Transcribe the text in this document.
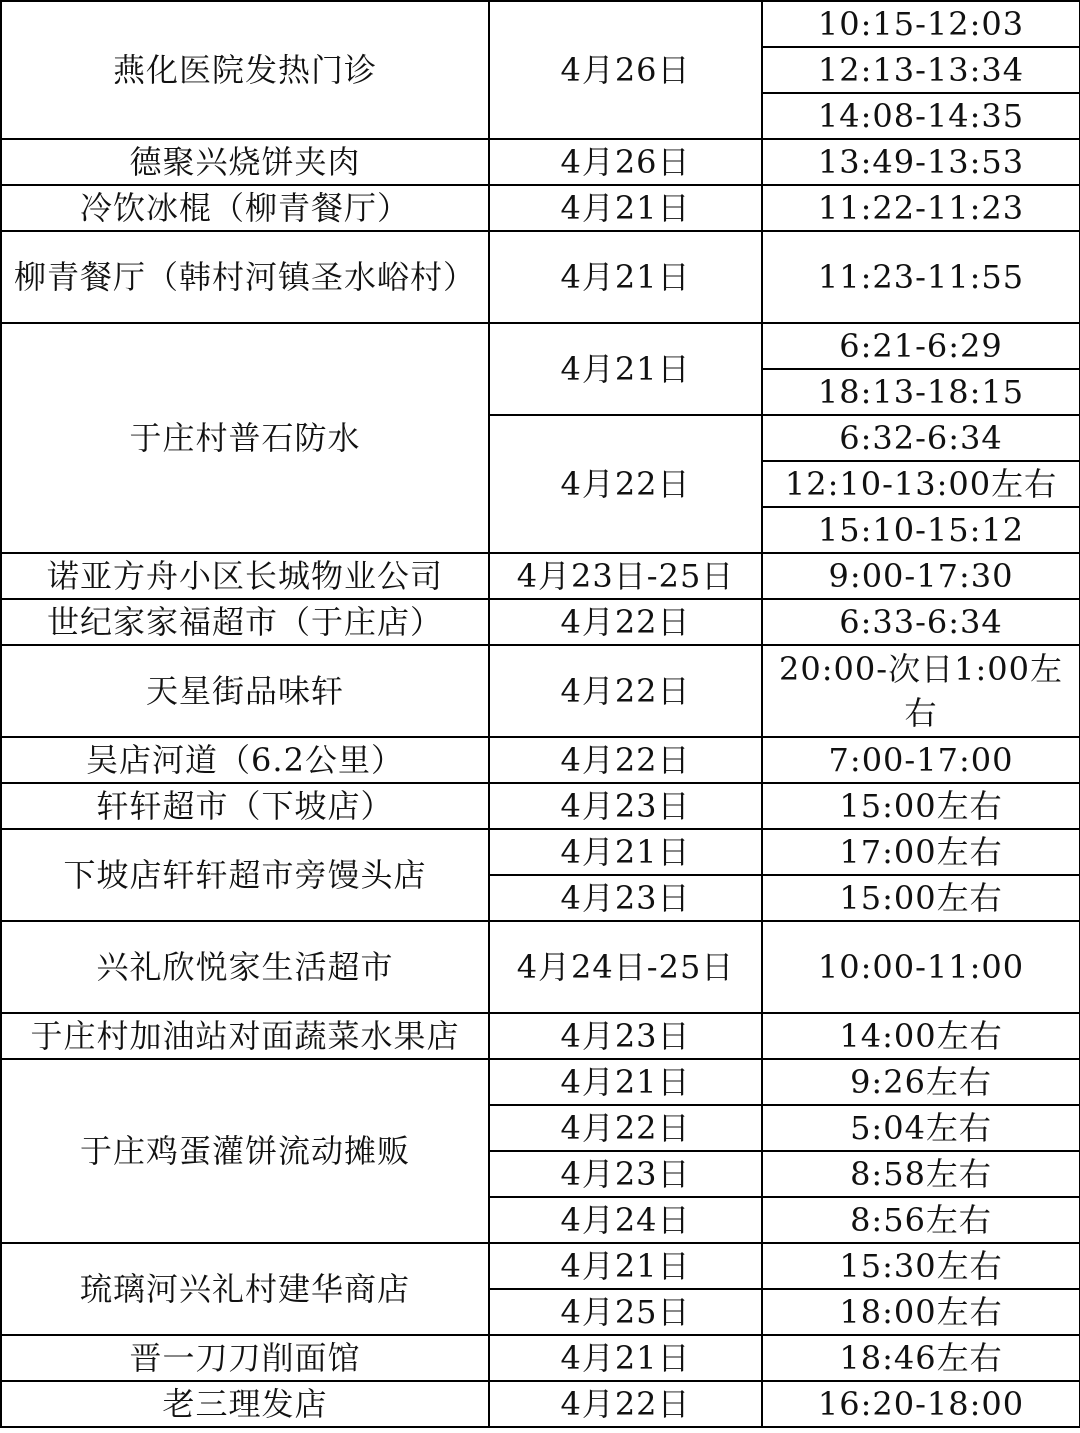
燕化医院发热门诊	4月26日	10:15-12:03
		12:13-13:34
		14:08-14:35
德聚兴烧饼夹肉	4月26日	13:49-13:53
冷饮冰棍（柳青餐厅）	4月21日	11:22-11:23
柳青餐厅（韩村河镇圣水峪村）	4月21日	11:23-11:55
于庄村普石防水	4月21日	6:21-6:29
		18:13-18:15
	4月22日	6:32-6:34
		12:10-13:00左右
		15:10-15:12
诺亚方舟小区长城物业公司	4月23日-25日	9:00-17:30
世纪家家福超市（于庄店）	4月22日	6:33-6:34
天星街品味轩	4月22日	20:00-次日1:00左右
吴店河道（6.2公里）	4月22日	7:00-17:00
轩轩超市（下坡店）	4月23日	15:00左右
下坡店轩轩超市旁馒头店	4月21日	17:00左右
	4月23日	15:00左右
兴礼欣悦家生活超市	4月24日-25日	10:00-11:00
于庄村加油站对面蔬菜水果店	4月23日	14:00左右
于庄鸡蛋灌饼流动摊贩	4月21日	9:26左右
	4月22日	5:04左右
	4月23日	8:58左右
	4月24日	8:56左右
琉璃河兴礼村建华商店	4月21日	15:30左右
	4月25日	18:00左右
晋一刀刀削面馆	4月21日	18:46左右
老三理发店	4月22日	16:20-18:00
